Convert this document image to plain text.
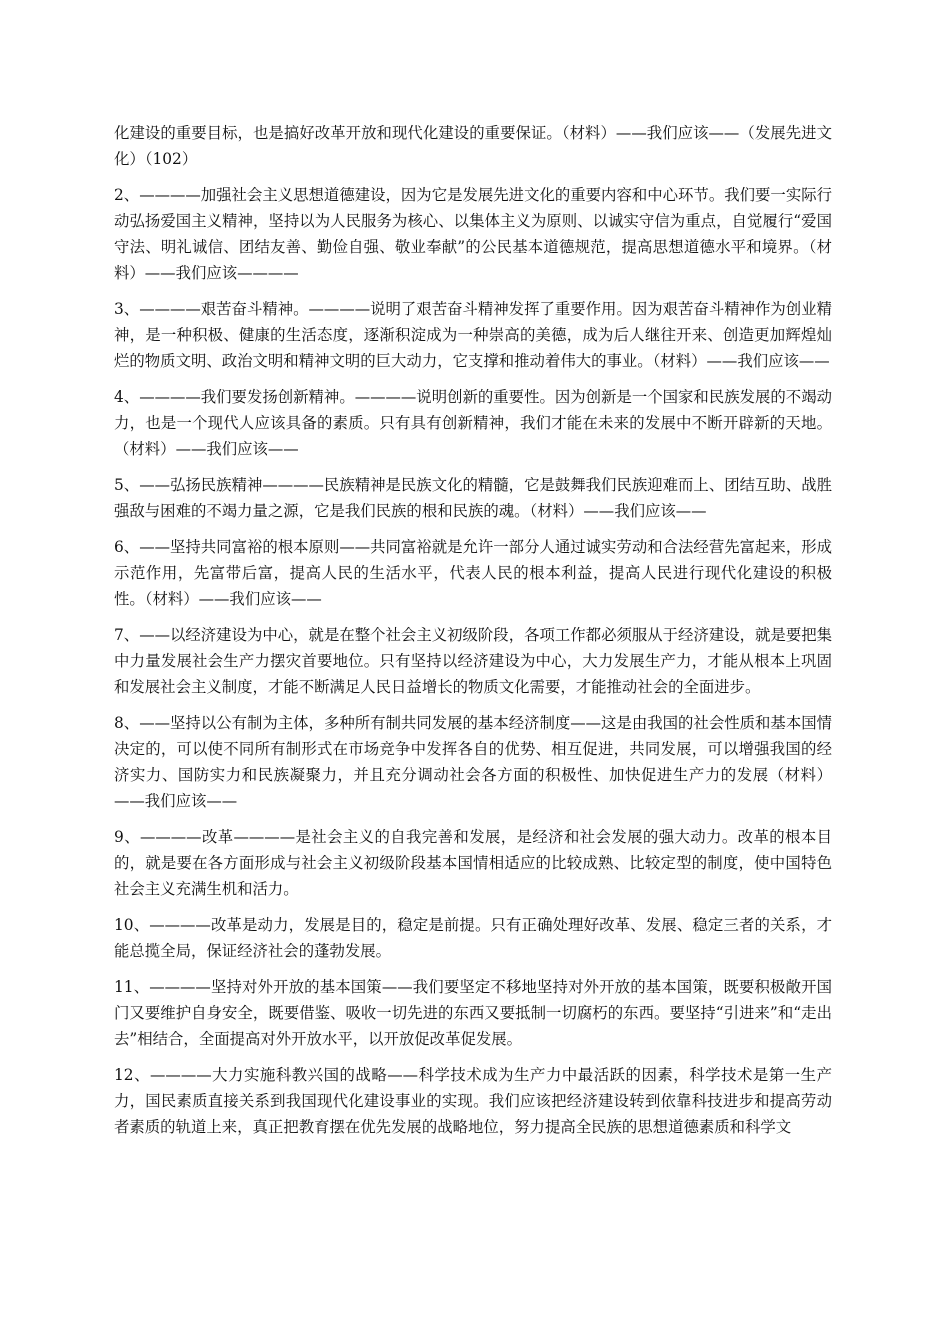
化建设的重要目标，也是搞好改革开放和现代化建设的重要保证。（材料）——我们应该——（发展先进文化）（102）

2、————加强社会主义思想道德建设，因为它是发展先进文化的重要内容和中心环节。我们要一实际行动弘扬爱国主义精神，坚持以为人民服务为核心、以集体主义为原则、以诚实守信为重点，自觉履行“爱国守法、明礼诚信、团结友善、勤俭自强、敬业奉献”的公民基本道德规范，提高思想道德水平和境界。（材料）——我们应该————

3、————艰苦奋斗精神。————说明了艰苦奋斗精神发挥了重要作用。因为艰苦奋斗精神作为创业精神，是一种积极、健康的生活态度，逐渐积淀成为一种崇高的美德，成为后人继往开来、创造更加辉煌灿烂的物质文明、政治文明和精神文明的巨大动力，它支撑和推动着伟大的事业。（材料）——我们应该——

4、————我们要发扬创新精神。————说明创新的重要性。因为创新是一个国家和民族发展的不竭动力，也是一个现代人应该具备的素质。只有具有创新精神，我们才能在未来的发展中不断开辟新的天地。（材料）——我们应该——

5、——弘扬民族精神————民族精神是民族文化的精髓，它是鼓舞我们民族迎难而上、团结互助、战胜强敌与困难的不竭力量之源，它是我们民族的根和民族的魂。（材料）——我们应该——

6、——坚持共同富裕的根本原则——共同富裕就是允许一部分人通过诚实劳动和合法经营先富起来，形成示范作用，先富带后富，提高人民的生活水平，代表人民的根本利益，提高人民进行现代化建设的积极性。（材料）——我们应该——

7、——以经济建设为中心，就是在整个社会主义初级阶段，各项工作都必须服从于经济建设，就是要把集中力量发展社会生产力摆灾首要地位。只有坚持以经济建设为中心，大力发展生产力，才能从根本上巩固和发展社会主义制度，才能不断满足人民日益增长的物质文化需要，才能推动社会的全面进步。

8、——坚持以公有制为主体，多种所有制共同发展的基本经济制度——这是由我国的社会性质和基本国情决定的，可以使不同所有制形式在市场竞争中发挥各自的优势、相互促进，共同发展，可以增强我国的经济实力、国防实力和民族凝聚力，并且充分调动社会各方面的积极性、加快促进生产力的发展（材料）——我们应该——

9、————改革————是社会主义的自我完善和发展，是经济和社会发展的强大动力。改革的根本目的，就是要在各方面形成与社会主义初级阶段基本国情相适应的比较成熟、比较定型的制度，使中国特色社会主义充满生机和活力。

10、————改革是动力，发展是目的，稳定是前提。只有正确处理好改革、发展、稳定三者的关系，才能总揽全局，保证经济社会的蓬勃发展。

11、————坚持对外开放的基本国策——我们要坚定不移地坚持对外开放的基本国策，既要积极敞开国门又要维护自身安全，既要借鉴、吸收一切先进的东西又要抵制一切腐朽的东西。要坚持“引进来”和“走出去”相结合，全面提高对外开放水平，以开放促改革促发展。

12、————大力实施科教兴国的战略——科学技术成为生产力中最活跃的因素，科学技术是第一生产力，国民素质直接关系到我国现代化建设事业的实现。我们应该把经济建设转到依靠科技进步和提高劳动者素质的轨道上来，真正把教育摆在优先发展的战略地位，努力提高全民族的思想道德素质和科学文
